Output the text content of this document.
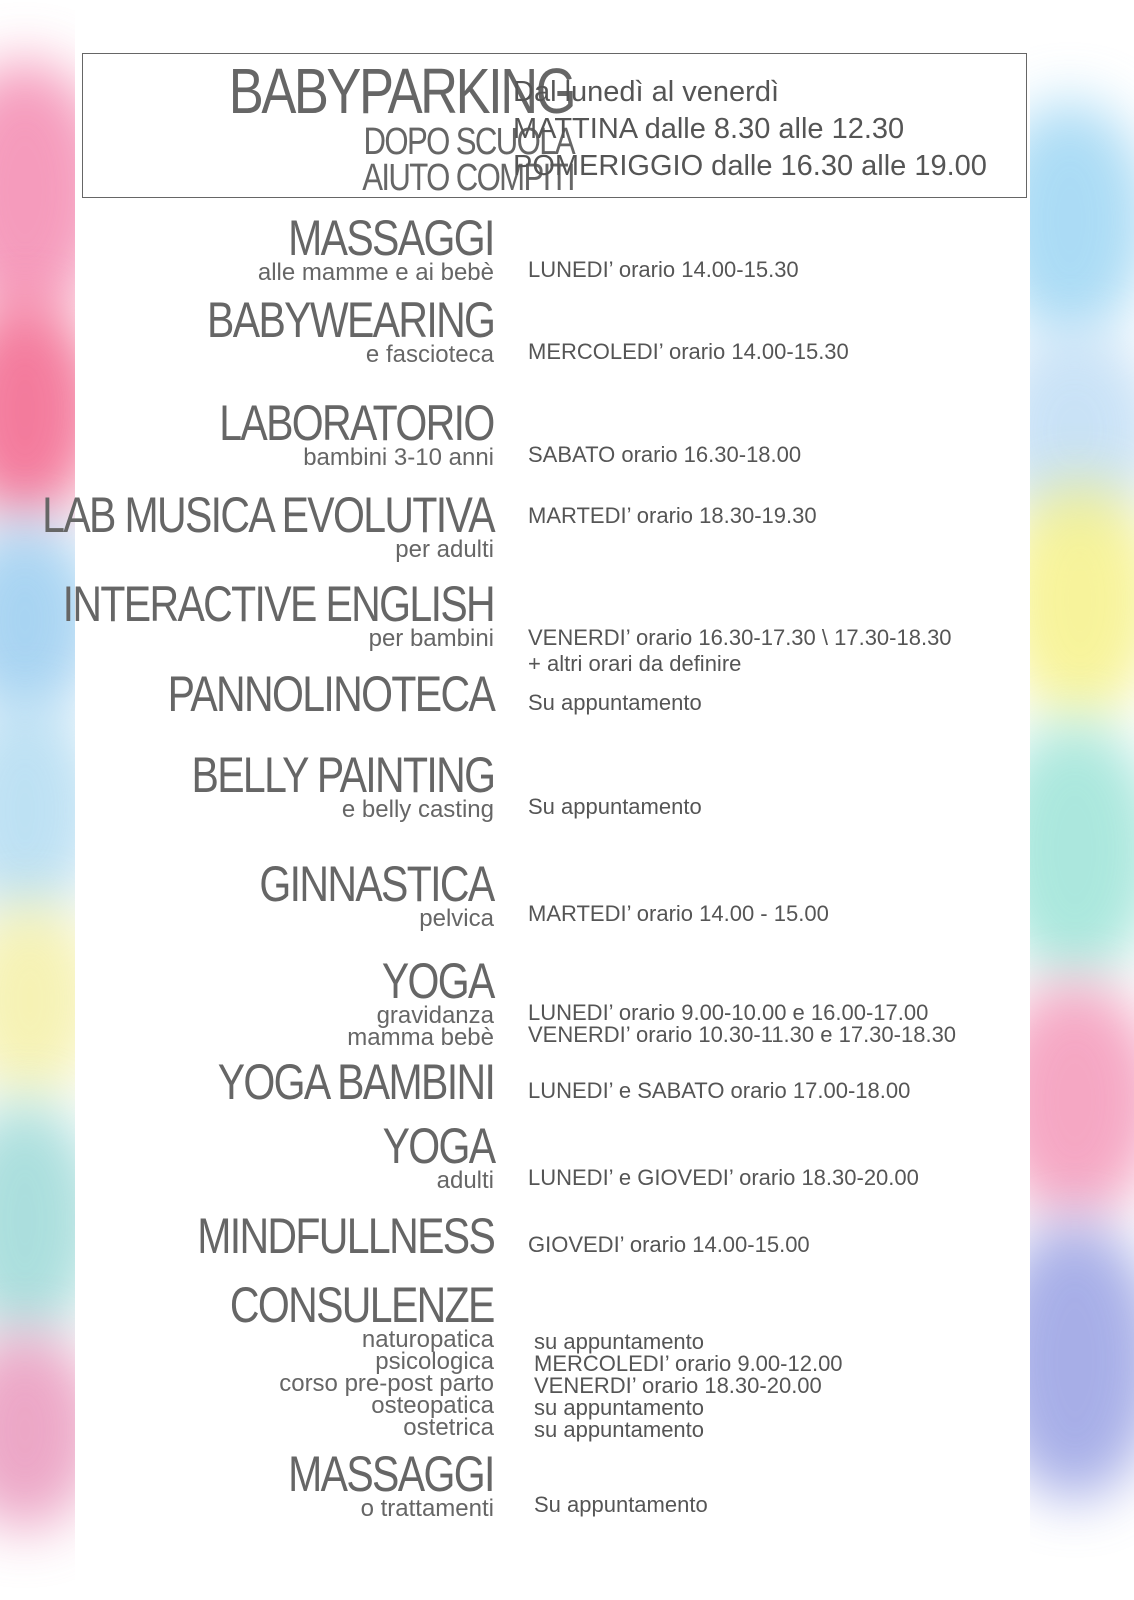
BABYPARKING
DOPO SCUOLA
AIUTO COMPITI
Dal lunedì al venerdì
MATTINA dalle 8.30 alle 12.30
POMERIGGIO dalle 16.30 alle 19.00
MASSAGGI
alle mamme e ai bebè LUNEDI’ orario 14.00-15.30
BABYWEARING
e fascioteca MERCOLEDI’ orario 14.00-15.30
LABORATORIO
bambini 3-10 anni SABATO orario 16.30-18.00
LAB MUSICA EVOLUTIVA
per adulti
MARTEDI’ orario 18.30-19.30
INTERACTIVE ENGLISH
per bambini VENERDI’ orario 16.30-17.30 \ 17.30-18.30
+ altri orari da definire
PANNOLINOTECA Su appuntamento
BELLY PAINTING
e belly casting Su appuntamento
GINNASTICA
pelvica MARTEDI’ orario 14.00 - 15.00
YOGA
gravidanza
mamma bebè
LUNEDI’ orario 9.00-10.00 e 16.00-17.00
VENERDI’ orario 10.30-11.30 e 17.30-18.30
YOGA BAMBINI LUNEDI’ e SABATO orario 17.00-18.00
YOGA
adulti LUNEDI’ e GIOVEDI’ orario 18.30-20.00
MINDFULLNESS GIOVEDI’ orario 14.00-15.00
CONSULENZE
naturopatica
psicologica
corso pre-post parto
osteopatica
ostetrica
su appuntamento
MERCOLEDI’ orario 9.00-12.00
VENERDI’ orario 18.30-20.00
su appuntamento
su appuntamento
MASSAGGI
o trattamenti Su appuntamento
